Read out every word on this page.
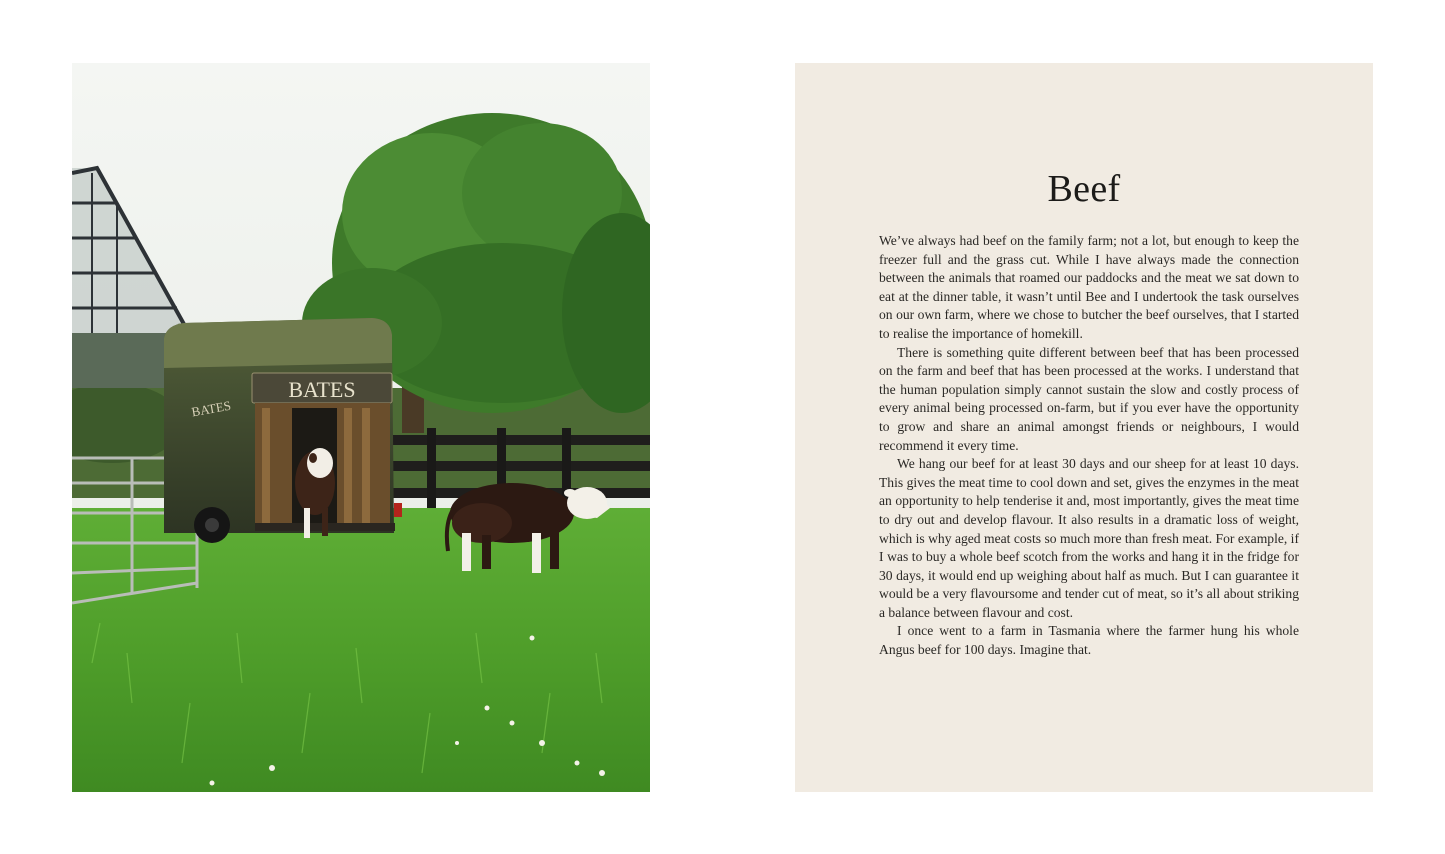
BATES
BATES
Beef

We’ve always had beef on the family farm; not a lot, but enough to keep the freezer full and the grass cut. While I have always made the connection between the animals that roamed our paddocks and the meat we sat down to eat at the dinner table, it wasn’t until Bee and I undertook the task ourselves on our own farm, where we chose to butcher the beef ourselves, that I started to realise the importance of homekill.

There is something quite different between beef that has been processed on the farm and beef that has been processed at the works. I understand that the human population simply cannot sustain the slow and costly process of every animal being processed on-farm, but if you ever have the opportunity to grow and share an animal amongst friends or neighbours, I would recommend it every time.

We hang our beef for at least 30 days and our sheep for at least 10 days. This gives the meat time to cool down and set, gives the enzymes in the meat an opportunity to help tenderise it and, most importantly, gives the meat time to dry out and develop flavour. It also results in a dramatic loss of weight, which is why aged meat costs so much more than fresh meat. For example, if I was to buy a whole beef scotch from the works and hang it in the fridge for 30 days, it would end up weighing about half as much. But I can guarantee it would be a very flavoursome and tender cut of meat, so it’s all about striking a balance between flavour and cost.

I once went to a farm in Tasmania where the farmer hung his whole Angus beef for 100 days. Imagine that.
